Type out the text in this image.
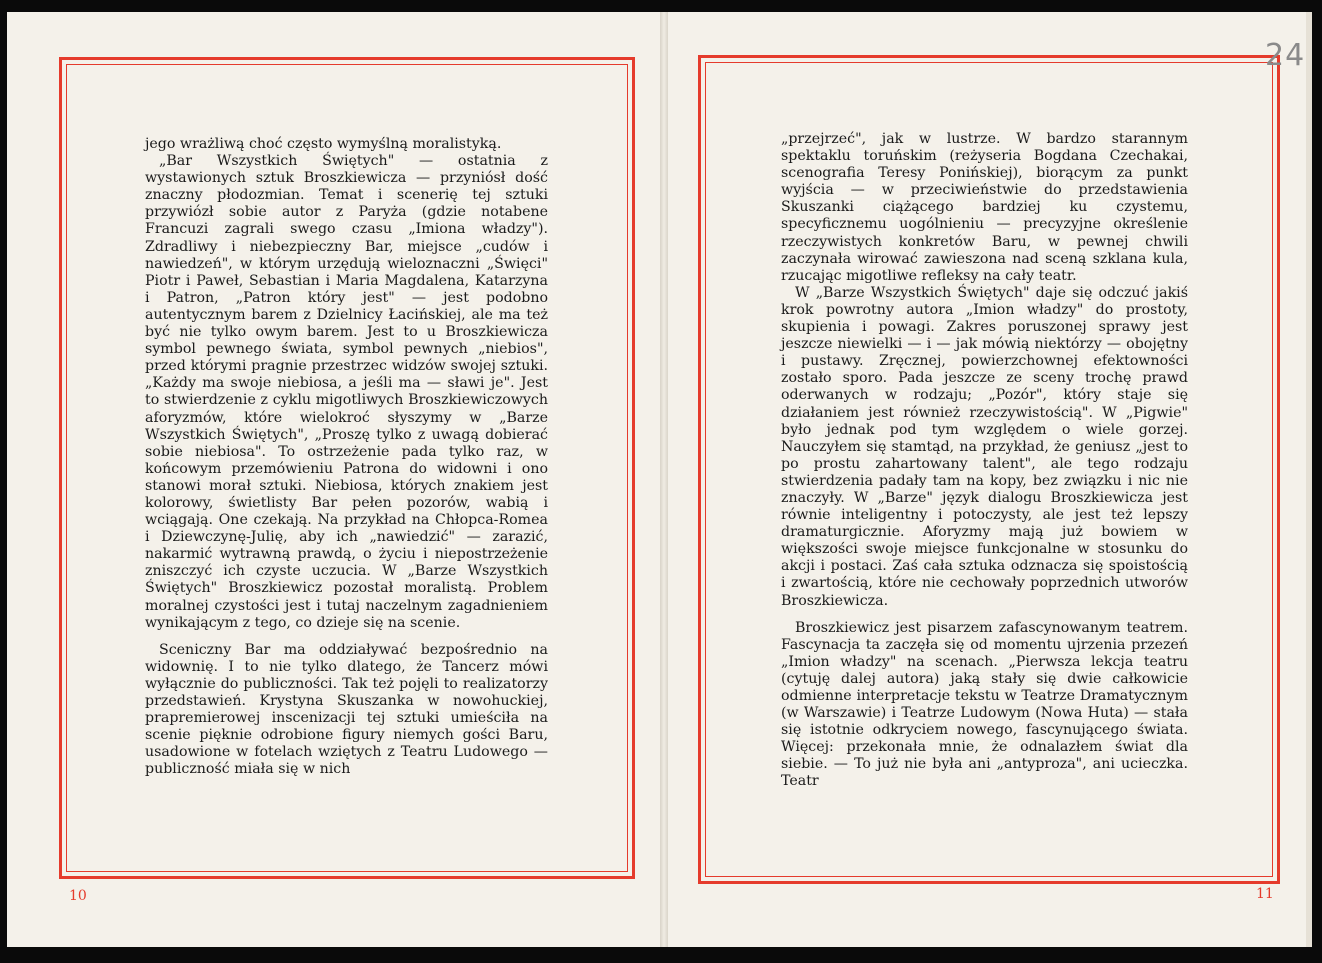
jego wrażliwą choć często wymyślną moralistyką.

„Bar Wszystkich Świętych" — ostatnia z wystawionych sztuk Broszkiewicza — przyniósł dość znaczny płodozmian. Temat i scenerię tej sztuki przywiózł sobie autor z Paryża (gdzie notabene Francuzi zagrali swego czasu „Imiona władzy"). Zdradliwy i niebezpieczny Bar, miejsce „cudów i nawiedzeń", w którym urzędują wieloznaczni „Święci" Piotr i Paweł, Sebastian i Maria Magdalena, Katarzyna i Patron, „Patron który jest" — jest podobno autentycznym barem z Dzielnicy Łacińskiej, ale ma też być nie tylko owym barem. Jest to u Broszkiewicza symbol pewnego świata, symbol pewnych „niebios", przed którymi pragnie przestrzec widzów swojej sztuki. „Każdy ma swoje niebiosa, a jeśli ma — sławi je". Jest to stwierdzenie z cyklu migotliwych Broszkiewiczowych aforyzmów, które wielokroć słyszymy w „Barze Wszystkich Świętych", „Proszę tylko z uwagą dobierać sobie niebiosa". To ostrzeżenie pada tylko raz, w końcowym przemówieniu Patrona do widowni i ono stanowi morał sztuki. Niebiosa, których znakiem jest kolorowy, świetlisty Bar pełen pozorów, wabią i wciągają. One czekają. Na przykład na Chłopca-Romea i Dziewczynę-Julię, aby ich „nawiedzić" — zarazić, nakarmić wytrawną prawdą, o życiu i niepostrzeżenie zniszczyć ich czyste uczucia. W „Barze Wszystkich Świętych" Broszkiewicz pozostał moralistą. Problem moralnej czystości jest i tutaj naczelnym zagadnieniem wynikającym z tego, co dzieje się na scenie.

Sceniczny Bar ma oddziaływać bezpośrednio na widownię. I to nie tylko dlatego, że Tancerz mówi wyłącznie do publiczności. Tak też pojęli to realizatorzy przedstawień. Krystyna Skuszanka w nowohuckiej, prapremierowej inscenizacji tej sztuki umieściła na scenie pięknie odrobione figury niemych gości Baru, usadowione w fotelach wziętych z Teatru Ludowego — publiczność miała się w nich

10
24

„przejrzeć", jak w lustrze. W bardzo starannym spektaklu toruńskim (reżyseria Bogdana Czechakai, scenografia Teresy Ponińskiej), biorącym za punkt wyjścia — w przeciwieństwie do przedstawienia Skuszanki ciążącego bardziej ku czystemu, specyficznemu uogólnieniu — precyzyjne określenie rzeczywistych konkretów Baru, w pewnej chwili zaczynała wirować zawieszona nad sceną szklana kula, rzucając migotliwe refleksy na cały teatr.

W „Barze Wszystkich Świętych" daje się odczuć jakiś krok powrotny autora „Imion władzy" do prostoty, skupienia i powagi. Zakres poruszonej sprawy jest jeszcze niewielki — i — jak mówią niektórzy — obojętny i pustawy. Zręcznej, powierzchownej efektowności zostało sporo. Pada jeszcze ze sceny trochę prawd oderwanych w rodzaju; „Pozór", który staje się działaniem jest również rzeczywistością". W „Pigwie" było jednak pod tym względem o wiele gorzej. Nauczyłem się stamtąd, na przykład, że geniusz „jest to po prostu zahartowany talent", ale tego rodzaju stwierdzenia padały tam na kopy, bez związku i nic nie znaczyły. W „Barze" język dialogu Broszkiewicza jest równie inteligentny i potoczysty, ale jest też lepszy dramaturgicznie. Aforyzmy mają już bowiem w większości swoje miejsce funkcjonalne w stosunku do akcji i postaci. Zaś cała sztuka odznacza się spoistością i zwartością, które nie cechowały poprzednich utworów Broszkiewicza.

Broszkiewicz jest pisarzem zafascynowanym teatrem. Fascynacja ta zaczęła się od momentu ujrzenia przezeń „Imion władzy" na scenach. „Pierwsza lekcja teatru (cytuję dalej autora) jaką stały się dwie całkowicie odmienne interpretacje tekstu w Teatrze Dramatycznym (w Warszawie) i Teatrze Ludowym (Nowa Huta) — stała się istotnie odkryciem nowego, fascynującego świata. Więcej: przekonała mnie, że odnalazłem świat dla siebie. — To już nie była ani „antyproza", ani ucieczka. Teatr

11
